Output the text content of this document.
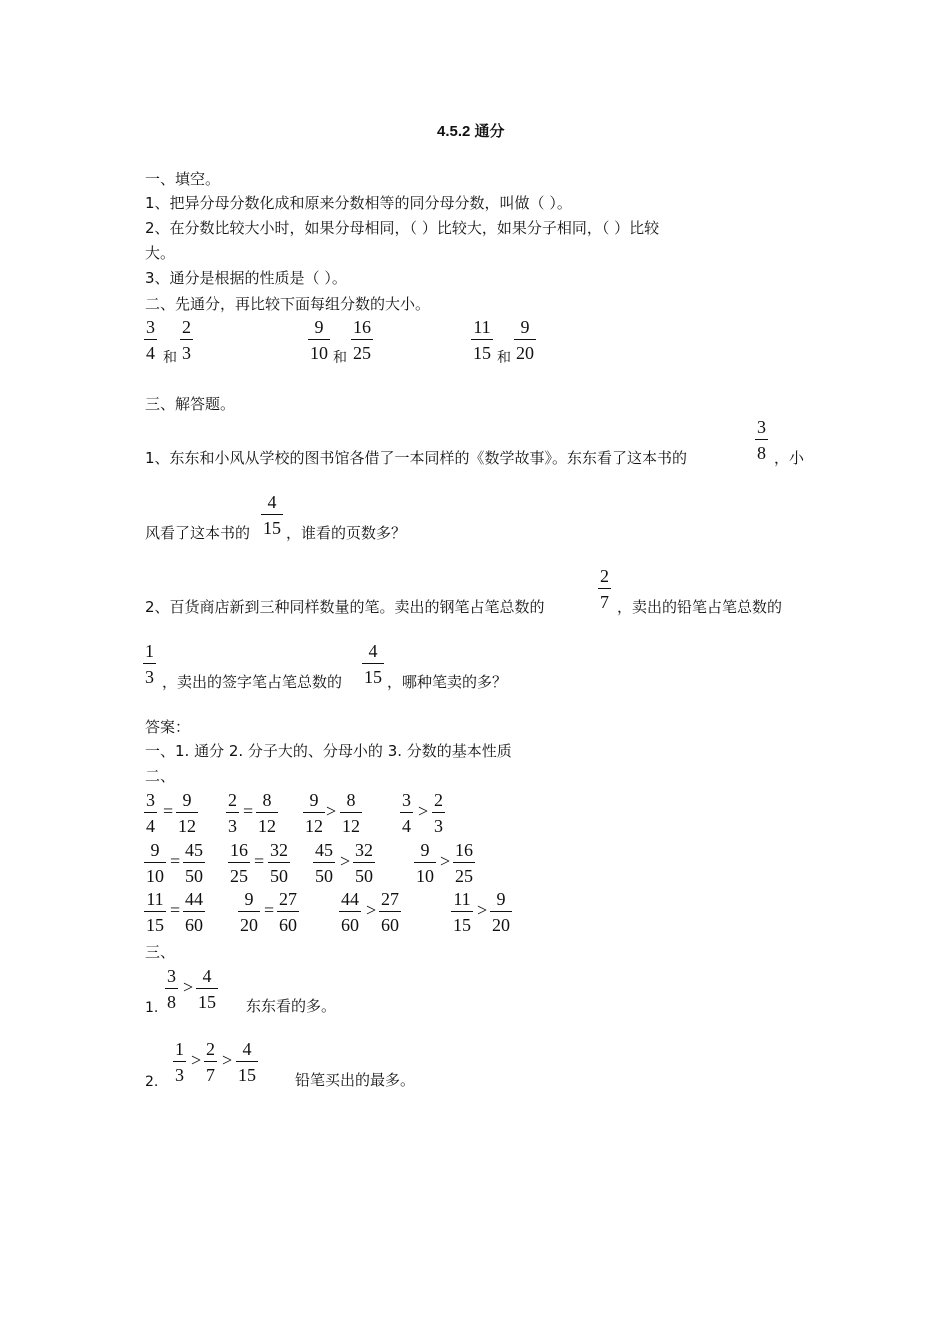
4.5.2 通分
一、填空。
1、把异分母分数化成和原来分数相等的同分母分数，叫做（ ）。
2、在分数比较大小时，如果分母相同，（ ）比较大，如果分子相同，（ ）比较
大。
3、通分是根据的性质是（ ）。
二、先通分，再比较下面每组分数的大小。
3
4 和
2
3
9
10 和
16
25
11
15 和
9
20
三、解答题。
1、东东和小风从学校的图书馆各借了一本同样的《数学故事》。东东看了这本书的
3
8 ，小
风看了这本书的
4
15 ，谁看的页数多？
2、百货商店新到三种同样数量的笔。卖出的钢笔占笔总数的
2
7 ，卖出的铅笔占笔总数的
1
3 ，卖出的签字笔占笔总数的
4
15 ，哪种笔卖的多？
答案：
一、1. 通分 2. 分子大的、分母小的 3. 分数的基本性质
二、
3
4
=
9
12
2
3
=
8
12
9
12
>
8
12
3
4
>
2
3
9
10
=
45
50
16
25
=
32
50
45
50
>
32
50
9
10
>
16
25
11
15
=
44
60
9
20
=
27
60
44
60
>
27
60
11
15
>
9
20
三、
1.
3
8
>
4
15 东东看的多。
2.
1
3
>
2
7
>
4
15	铅笔买出的最多。
